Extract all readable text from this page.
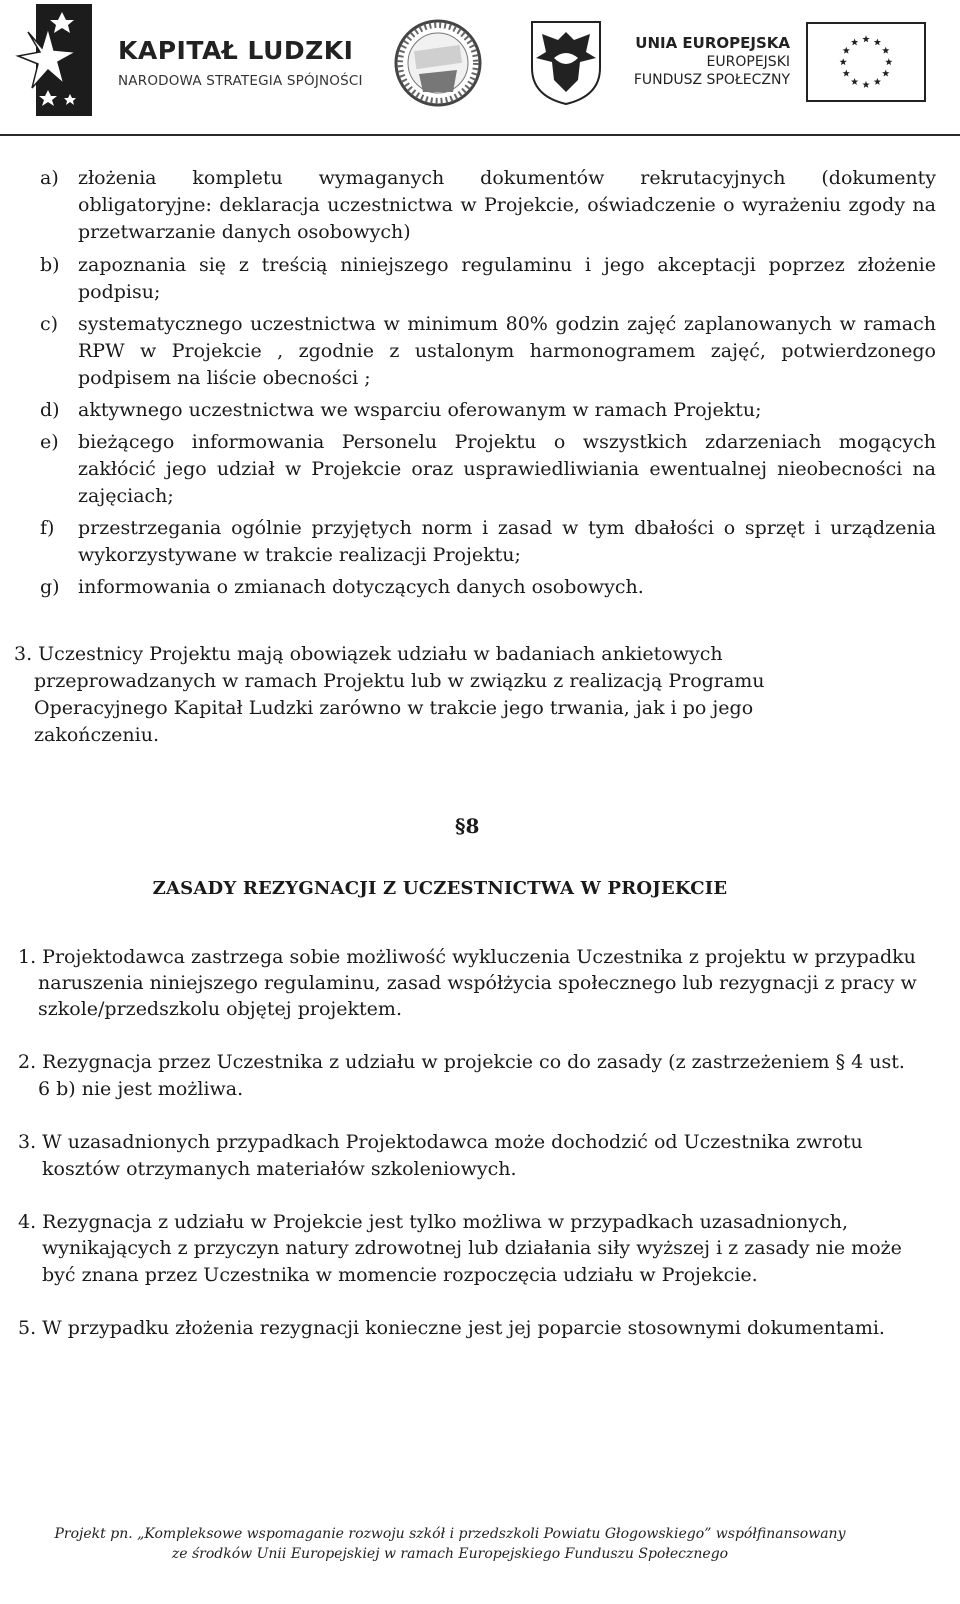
KAPITAŁ LUDZKI
NARODOWA STRATEGIA SPÓJNOŚCI
UNIA EUROPEJSKA
EUROPEJSKI
FUNDUSZ SPOŁECZNY
a) złożenia kompletu wymaganych dokumentów rekrutacyjnych (dokumenty
obligatoryjne: deklaracja uczestnictwa w Projekcie, oświadczenie o wyrażeniu zgody na
przetwarzanie danych osobowych)
b) zapoznania się z treścią niniejszego regulaminu i jego akceptacji poprzez złożenie
podpisu;
c) systematycznego uczestnictwa w minimum 80% godzin zajęć zaplanowanych w ramach
RPW w Projekcie , zgodnie z ustalonym harmonogramem zajęć, potwierdzonego
podpisem na liście obecności ;
d) aktywnego uczestnictwa we wsparciu oferowanym w ramach Projektu;
e) bieżącego informowania Personelu Projektu o wszystkich zdarzeniach mogących
zakłócić jego udział w Projekcie oraz usprawiedliwiania ewentualnej nieobecności na
zajęciach;
f) przestrzegania ogólnie przyjętych norm i zasad w tym dbałości o sprzęt i urządzenia
wykorzystywane w trakcie realizacji Projektu;
g) informowania o zmianach dotyczących danych osobowych.
3. Uczestnicy Projektu mają obowiązek udziału w badaniach ankietowych
przeprowadzanych w ramach Projektu lub w związku z realizacją Programu
Operacyjnego Kapitał Ludzki zarówno w trakcie jego trwania, jak i po jego
zakończeniu.
§8
ZASADY REZYGNACJI Z UCZESTNICTWA W PROJEKCIE
1. Projektodawca zastrzega sobie możliwość wykluczenia Uczestnika z projektu w przypadku
naruszenia niniejszego regulaminu, zasad współżycia społecznego lub rezygnacji z pracy w
szkole/przedszkolu objętej projektem.
2. Rezygnacja przez Uczestnika z udziału w projekcie co do zasady (z zastrzeżeniem § 4 ust.
6 b) nie jest możliwa.
3. W uzasadnionych przypadkach Projektodawca może dochodzić od Uczestnika zwrotu
kosztów otrzymanych materiałów szkoleniowych.
4. Rezygnacja z udziału w Projekcie jest tylko możliwa w przypadkach uzasadnionych,
wynikających z przyczyn natury zdrowotnej lub działania siły wyższej i z zasady nie może
być znana przez Uczestnika w momencie rozpoczęcia udziału w Projekcie.
5. W przypadku złożenia rezygnacji konieczne jest jej poparcie stosownymi dokumentami.
Projekt pn. „Kompleksowe wspomaganie rozwoju szkół i przedszkoli Powiatu Głogowskiego” współfinansowany
ze środków Unii Europejskiej w ramach Europejskiego Funduszu Społecznego
